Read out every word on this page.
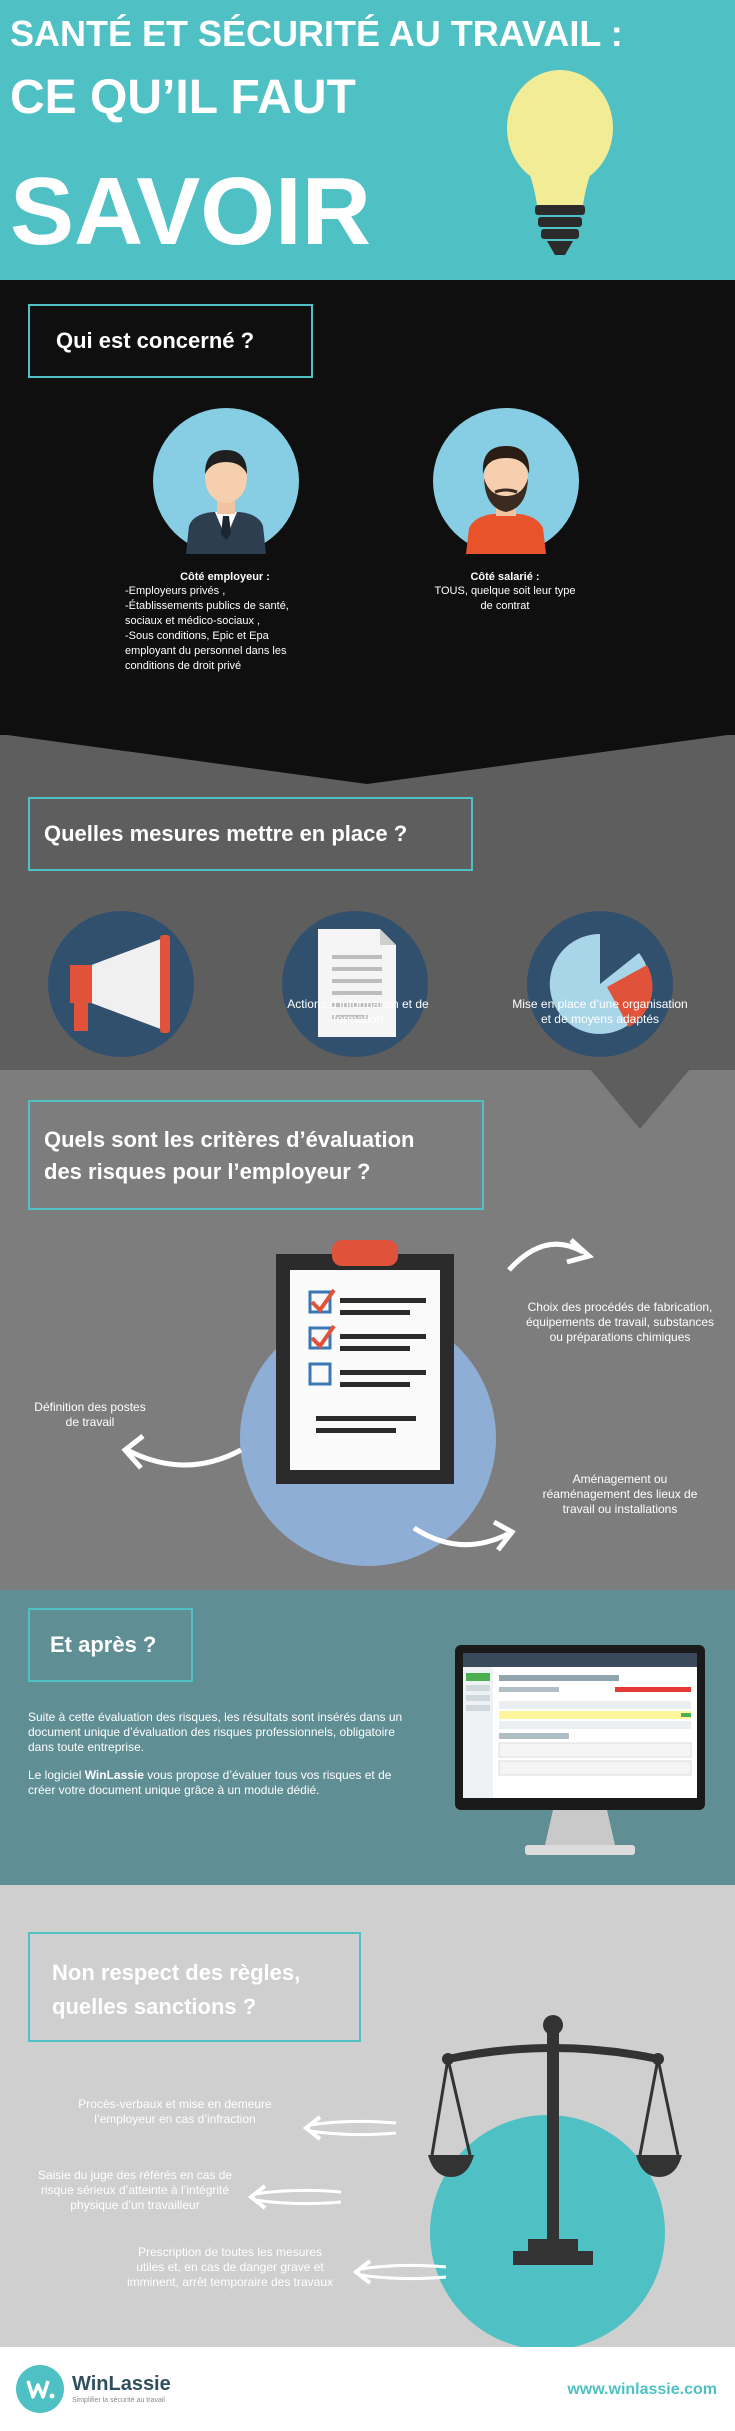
SANTÉ ET SÉCURITÉ AU TRAVAIL :
CE QU’IL FAUT
SAVOIR
Qui est concerné ?
Côté employeur :
-Employeurs privés ,
-Établissements publics de santé,
sociaux et médico-sociaux ,
-Sous conditions, Epic et Epa
employant du personnel dans les
conditions de droit privé
Côté salarié :
TOUS, quelque soit leur type
de contrat
Quelles mesures mettre en place ?
Actions d’information et de
formation
Mise en place d’une organisation
et de moyens adaptés
Quels sont les critères d’évaluation
des risques pour l’employeur ?
Choix des procédés de fabrication,
équipements de travail, substances
ou préparations chimiques
Définition des postes
de travail
Aménagement ou
réaménagement des lieux de
travail ou installations
Et après ?
Suite à cette évaluation des risques, les résultats sont insérés dans un
document unique d’évaluation des risques professionnels, obligatoire
dans toute entreprise.
Le logiciel WinLassie vous propose d’évaluer tous vos risques et de
créer votre document unique grâce à un module dédié.
Non respect des règles,
quelles sanctions ?
Procès-verbaux et mise en demeure
l’employeur en cas d’infraction
Saisie du juge des référés en cas de
risque sérieux d’atteinte à l’intégrité
physique d’un travailleur
Prescription de toutes les mesures
utiles et, en cas de danger grave et
imminent, arrêt temporaire des travaux
WinLassie
Simplifier la sécurité au travail
www.winlassie.com
